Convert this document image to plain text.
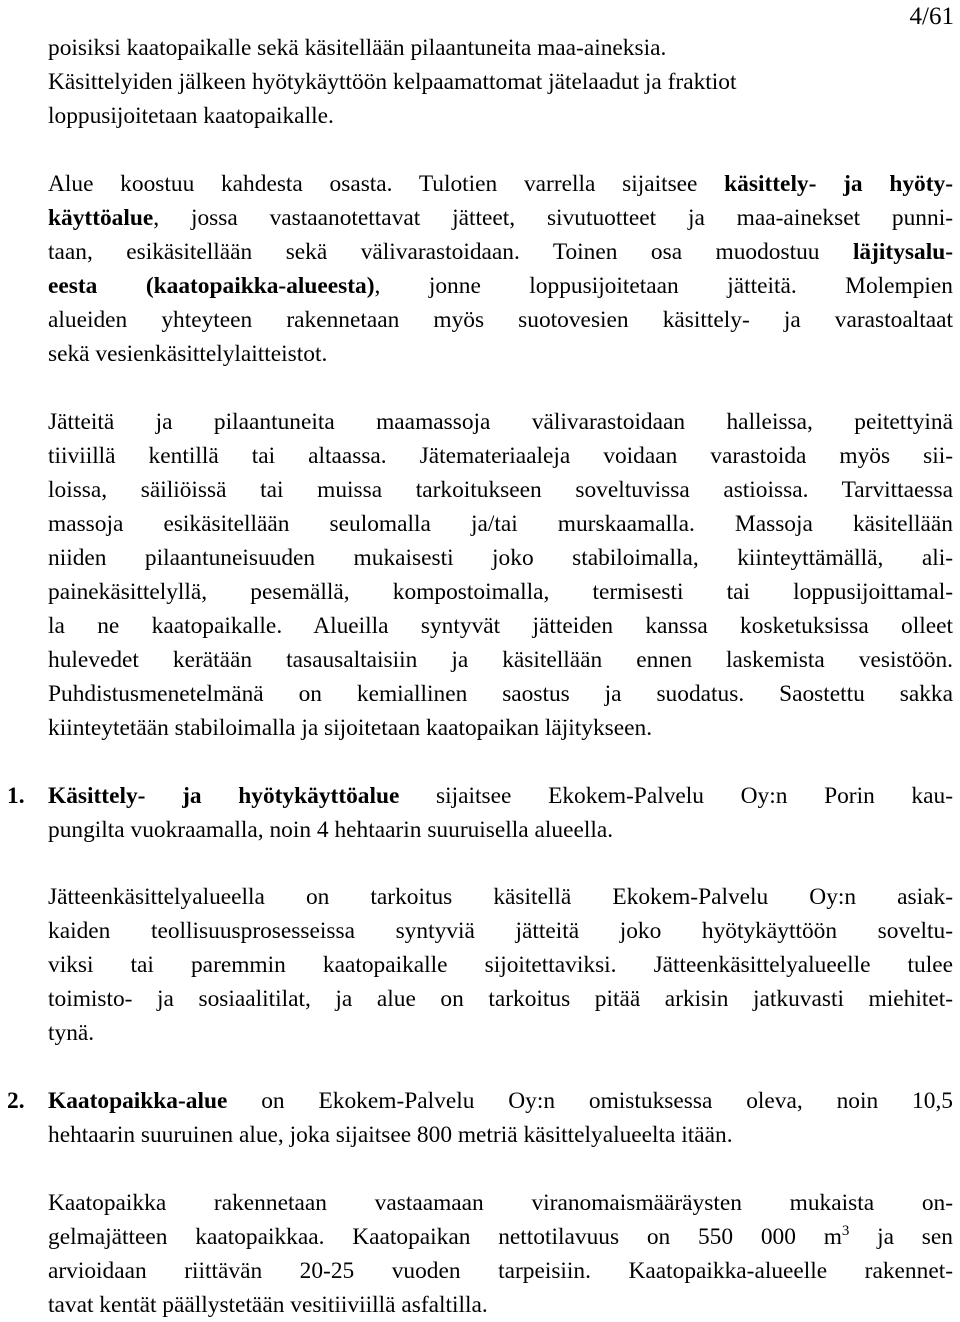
4/61
poisiksi kaatopaikalle sekä käsitellään pilaantuneita maa-aineksia.
Käsittelyiden jälkeen hyötykäyttöön kelpaamattomat jätelaadut ja fraktiot
loppusijoitetaan kaatopaikalle.
Alue koostuu kahdesta osasta. Tulotien varrella sijaitsee käsittely- ja hyöty-
käyttöalue, jossa vastaanotettavat jätteet, sivutuotteet ja maa-ainekset punni-
taan, esikäsitellään sekä välivarastoidaan. Toinen osa muodostuu läjitysalu-
eesta (kaatopaikka-alueesta), jonne loppusijoitetaan jätteitä. Molempien
alueiden yhteyteen rakennetaan myös suotovesien käsittely- ja varastoaltaat
sekä vesienkäsittelylaitteistot.
Jätteitä ja pilaantuneita maamassoja välivarastoidaan halleissa, peitettyinä
tiiviillä kentillä tai altaassa. Jätemateriaaleja voidaan varastoida myös sii-
loissa, säiliöissä tai muissa tarkoitukseen soveltuvissa astioissa. Tarvittaessa
massoja esikäsitellään seulomalla ja/tai murskaamalla. Massoja käsitellään
niiden pilaantuneisuuden mukaisesti joko stabiloimalla, kiinteyttämällä, ali-
painekäsittelyllä, pesemällä, kompostoimalla, termisesti tai loppusijoittamal-
la ne kaatopaikalle. Alueilla syntyvät jätteiden kanssa kosketuksissa olleet
hulevedet kerätään tasausaltaisiin ja käsitellään ennen laskemista vesistöön.
Puhdistusmenetelmänä on kemiallinen saostus ja suodatus. Saostettu sakka
kiinteytetään stabiloimalla ja sijoitetaan kaatopaikan läjitykseen.
1. Käsittely- ja hyötykäyttöalue sijaitsee Ekokem-Palvelu Oy:n Porin kau-
pungilta vuokraamalla, noin 4 hehtaarin suuruisella alueella.
Jätteenkäsittelyalueella on tarkoitus käsitellä Ekokem-Palvelu Oy:n asiak-
kaiden teollisuusprosesseissa syntyviä jätteitä joko hyötykäyttöön soveltu-
viksi tai paremmin kaatopaikalle sijoitettaviksi. Jätteenkäsittelyalueelle tulee
toimisto- ja sosiaalitilat, ja alue on tarkoitus pitää arkisin jatkuvasti miehitet-
tynä.
2. Kaatopaikka-alue on Ekokem-Palvelu Oy:n omistuksessa oleva, noin 10,5
hehtaarin suuruinen alue, joka sijaitsee 800 metriä käsittelyalueelta itään.
Kaatopaikka rakennetaan vastaamaan viranomaismääräysten mukaista on-
gelmajätteen kaatopaikkaa. Kaatopaikan nettotilavuus on 550 000 $m^3$ ja sen
arvioidaan riittävän 20-25 vuoden tarpeisiin. Kaatopaikka-alueelle rakennet-
tavat kentät päällystetään vesitiiviillä asfaltilla.
